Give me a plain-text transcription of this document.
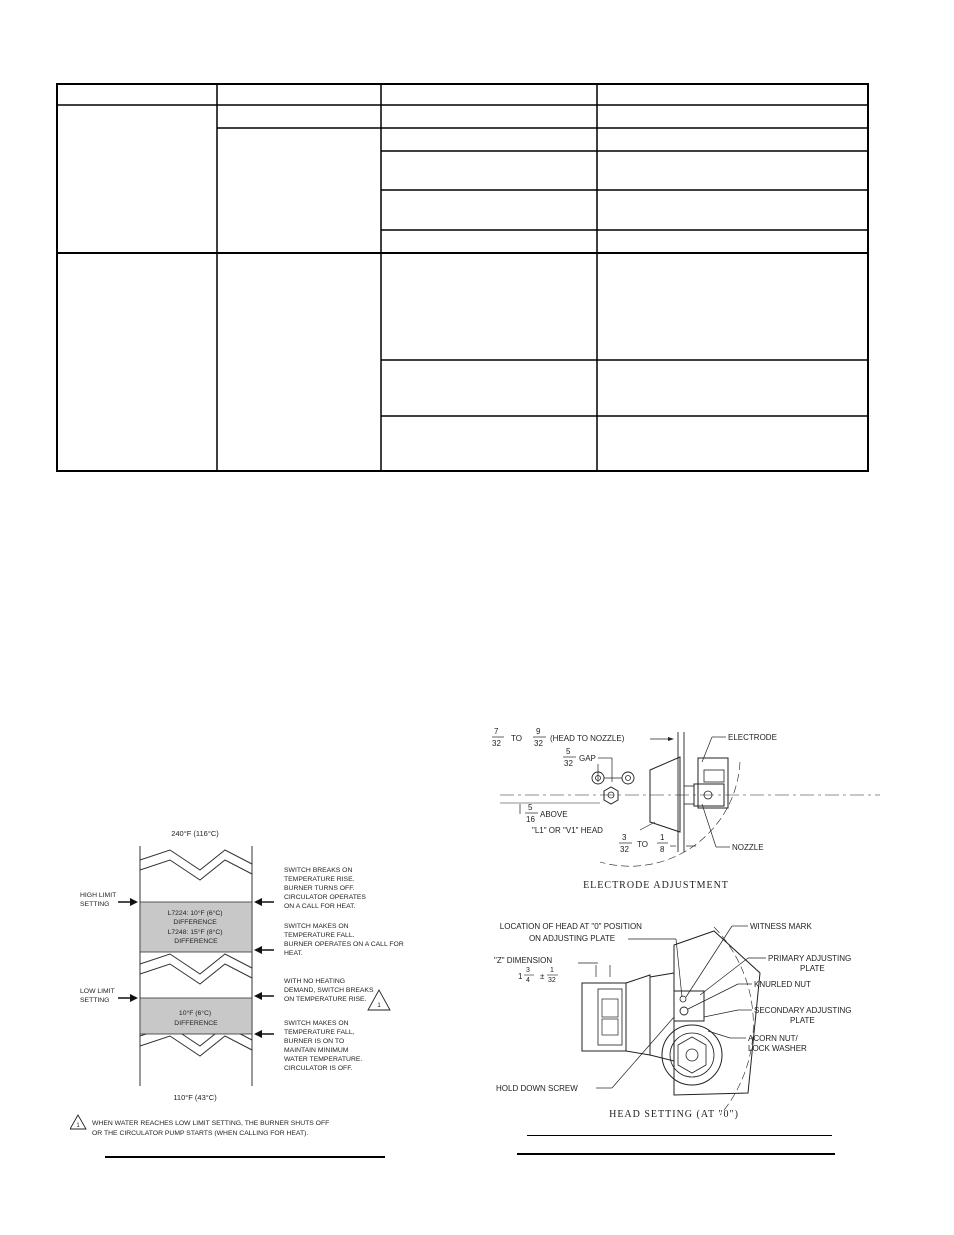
240°F (116°C)
L7224: 10°F (6°C) DIFFERENCE L7248: 15°F (8°C) DIFFERENCE
10°F (6°C) DIFFERENCE
HIGH LIMIT SETTING
LOW LIMIT SETTING
SWITCH BREAKS ON TEMPERATURE RISE. BURNER TURNS OFF. CIRCULATOR OPERATES ON A CALL FOR HEAT.
SWITCH MAKES ON TEMPERATURE FALL. BURNER OPERATES ON A CALL FOR HEAT.
WITH NO HEATING DEMAND, SWITCH BREAKS ON TEMPERATURE RISE.
1
SWITCH MAKES ON TEMPERATURE FALL, BURNER IS ON TO MAINTAIN MINIMUM WATER TEMPERATURE. CIRCULATOR IS OFF.
110°F (43°C)
1 WHEN WATER REACHES LOW LIMIT SETTING, THE BURNER SHUTS OFF OR THE CIRCULATOR PUMP STARTS (WHEN CALLING FOR HEAT).
7 32
TO
9 32
(HEAD TO NOZZLE)
5 32
GAP
5 16
ABOVE
"L1" OR "V1" HEAD
ELECTRODE
NOZZLE
3 32
TO
1 8
ELECTRODE ADJUSTMENT
LOCATION OF HEAD AT "0" POSITION ON ADJUSTING PLATE
"Z" DIMENSION
1
3 4 ±
1 32
WITNESS MARK
PRIMARY ADJUSTING PLATE
KNURLED NUT
SECONDARY ADJUSTING PLATE
ACORN NUT/ LOCK WASHER
HOLD DOWN SCREW
HEAD SETTING (AT "0")
